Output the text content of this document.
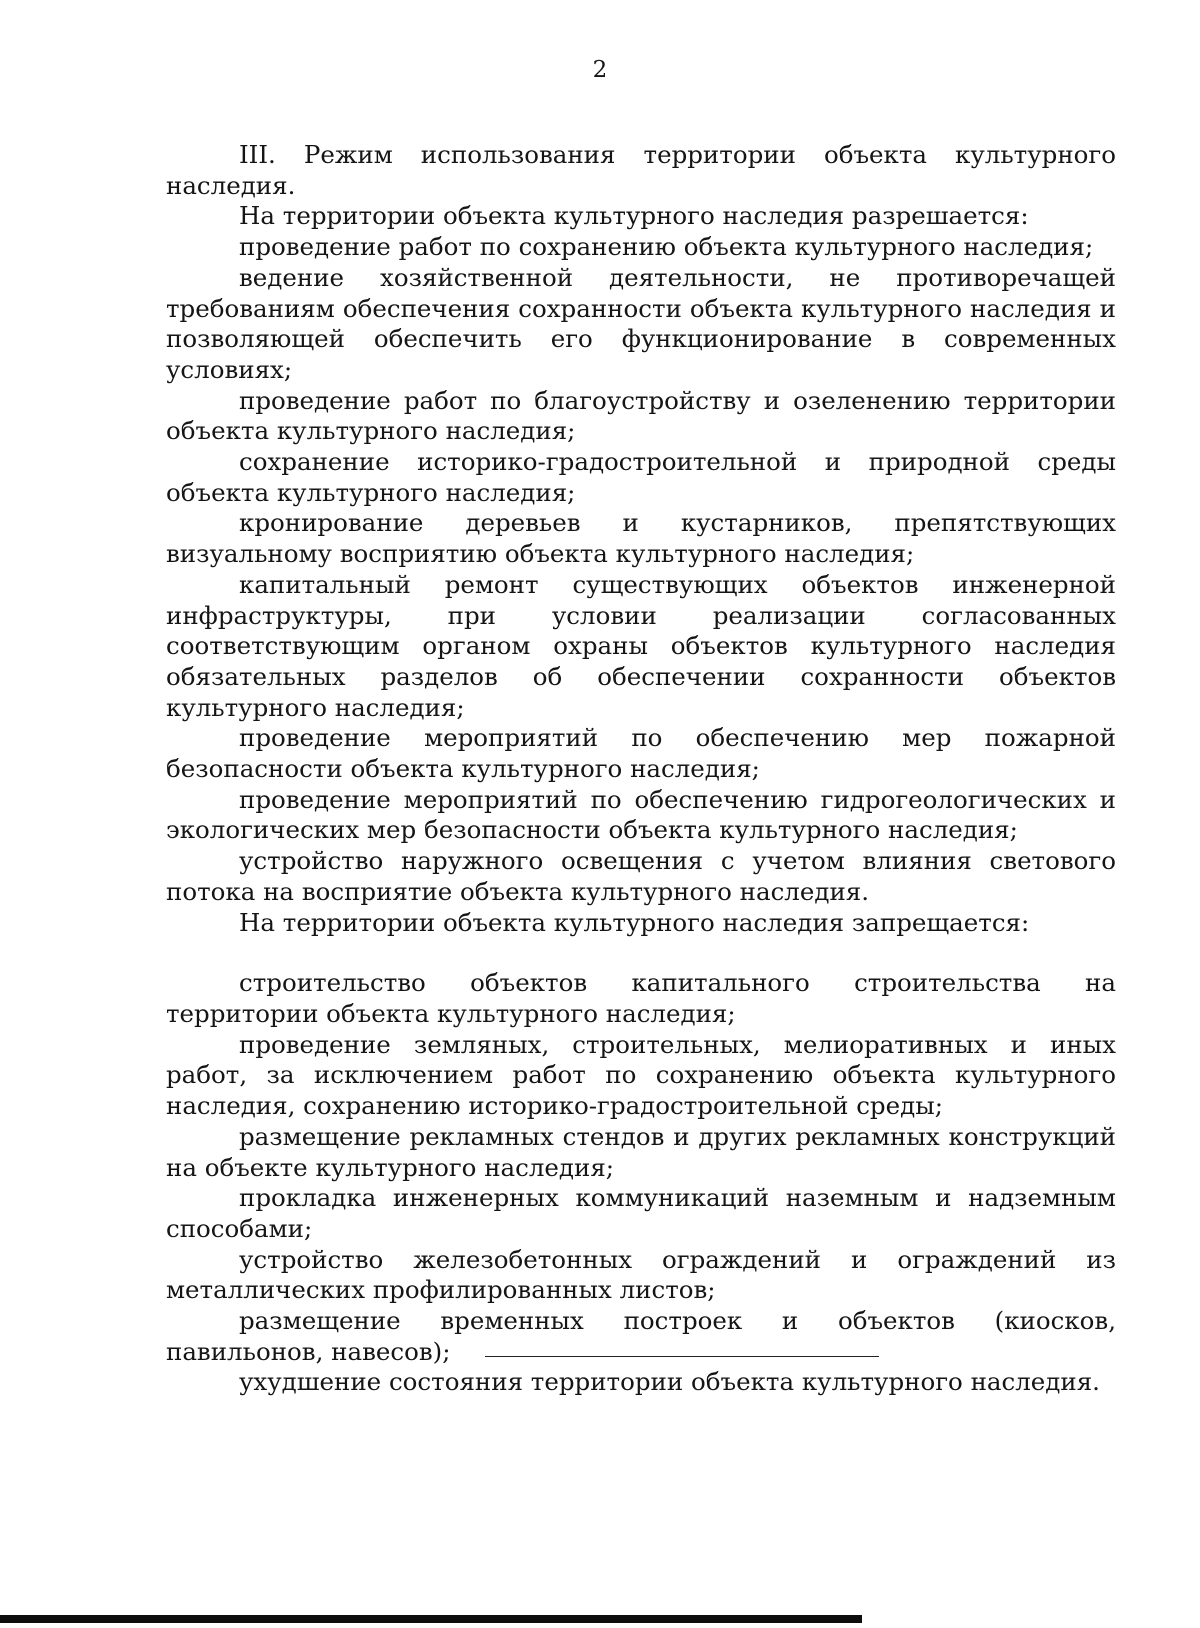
2

III. Режим использования территории объекта культурного наследия.

На территории объекта культурного наследия разрешается:

проведение работ по сохранению объекта культурного наследия;

ведение хозяйственной деятельности, не противоречащей требованиям обеспечения сохранности объекта культурного наследия и позволяющей обеспечить его функционирование в современных условиях;

проведение работ по благоустройству и озеленению территории объекта культурного наследия;

сохранение историко-градостроительной и природной среды объекта культурного наследия;

кронирование деревьев и кустарников, препятствующих визуальному восприятию объекта культурного наследия;

капитальный ремонт существующих объектов инженерной инфраструктуры, при условии реализации согласованных соответствующим органом охраны объектов культурного наследия обязательных разделов об обеспечении сохранности объектов культурного наследия;

проведение мероприятий по обеспечению мер пожарной безопасности объекта культурного наследия;

проведение мероприятий по обеспечению гидрогеологических и экологических мер безопасности объекта культурного наследия;

устройство наружного освещения с учетом влияния светового потока на восприятие объекта культурного наследия.

На территории объекта культурного наследия запрещается:

строительство объектов капитального строительства на территории объекта культурного наследия;

проведение земляных, строительных, мелиоративных и иных работ, за исключением работ по сохранению объекта культурного наследия, сохранению историко-градостроительной среды;

размещение рекламных стендов и других рекламных конструкций на объекте культурного наследия;

прокладка инженерных коммуникаций наземным и надземным способами;

устройство железобетонных ограждений и ограждений из металлических профилированных листов;

размещение временных построек и объектов (киосков, павильонов, навесов);

ухудшение состояния территории объекта культурного наследия.
